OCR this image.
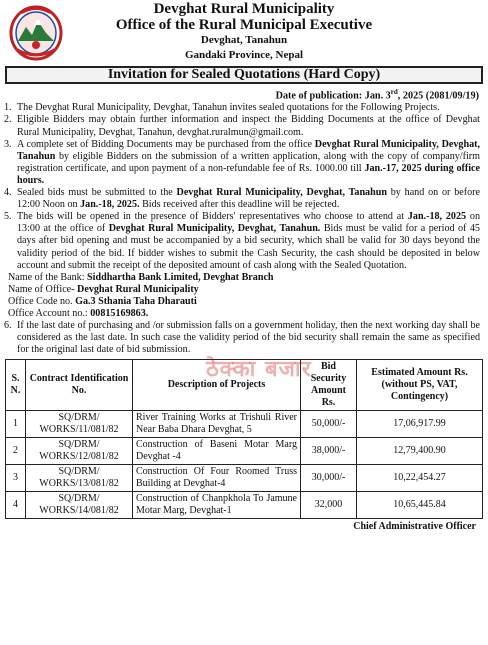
Devghat Rural Municipality
Office of the Rural Municipal Executive
Devghat, Tanahun
Gandaki Province, Nepal
Invitation for Sealed Quotations (Hard Copy)
Date of publication: Jan. 3rd, 2025 (2081/09/19)
1. The Devghat Rural Municipality, Devghat, Tanahun invites sealed quotations for the Following Projects.
2. Eligible Bidders may obtain further information and inspect the Bidding Documents at the office of Devghat Rural Municipality, Devghat, Tanahun, devghat.ruralmun@gmail.com.
3. A complete set of Bidding Documents may be purchased from the office Devghat Rural Municipality, Devghat, Tanahun by eligible Bidders on the submission of a written application, along with the copy of company/firm registration certificate, and upon payment of a non-refundable fee of Rs. 1000.00 till Jan.-17, 2025 during office hours.
4. Sealed bids must be submitted to the Devghat Rural Municipality, Devghat, Tanahun by hand on or before 12:00 Noon on Jan.-18, 2025. Bids received after this deadline will be rejected.
5. The bids will be opened in the presence of Bidders' representatives who choose to attend at Jan.-18, 2025 on 13:00 at the office of Devghat Rural Municipality, Devghat, Tanahun. Bids must be valid for a period of 45 days after bid opening and must be accompanied by a bid security, which shall be valid for 30 days beyond the validity period of the bid. If bidder wishes to submit the Cash Security, the cash should be deposited in below account and submit the receipt of the deposited amount of cash along with the Sealed Quotation.
Name of the Bank: Siddhartha Bank Limited, Devghat Branch
Name of Office- Devghat Rural Municipality
Office Code no. Ga.3 Sthania Taha Dharauti
Office Account no.: 00815169863.
6. If the last date of purchasing and /or submission falls on a government holiday, then the next working day shall be considered as the last date. In such case the validity period of the bid security shall remain the same as specified for the original last date of bid submission.
ठेक्का बजार
S. N.	Contract Identification No.	Description of Projects	Bid Security Amount Rs.	Estimated Amount Rs. (without PS, VAT, Contingency)
1	SQ/DRM/ WORKS/11/081/82	River Training Works at Trishuli River Near Baba Dhara Devghat, 5	50,000/-	17,06,917.99
2	SQ/DRM/ WORKS/12/081/82	Construction of Baseni Motar Marg Devghat -4	38,000/-	12,79,400.90
3	SQ/DRM/ WORKS/13/081/82	Construction Of Four Roomed Truss Building at Devghat-4	30,000/-	10,22,454.27
4	SQ/DRM/ WORKS/14/081/82	Construction of Chanpkhola To Jamune Motar Marg, Devghat-1	32,000	10,65,445.84
Chief Administrative Officer
